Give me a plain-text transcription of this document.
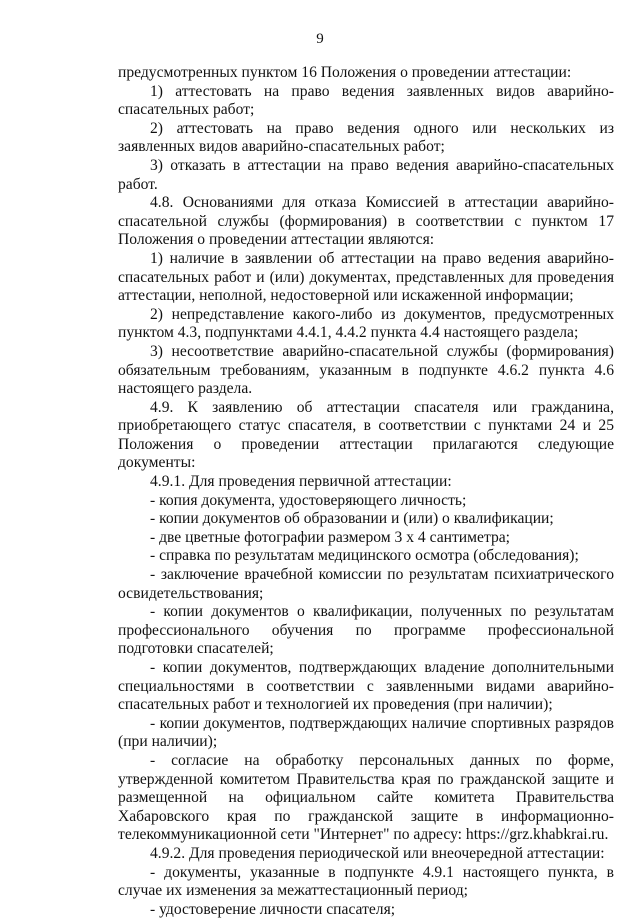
9

предусмотренных пунктом 16 Положения о проведении аттестации:

1) аттестовать на право ведения заявленных видов аварийно-спасательных работ;

2) аттестовать на право ведения одного или нескольких из заявленных видов аварийно-спасательных работ;

3) отказать в аттестации на право ведения аварийно-спасательных работ.

4.8. Основаниями для отказа Комиссией в аттестации аварийно-спасательной службы (формирования) в соответствии с пунктом 17 Положения о проведении аттестации являются:

1) наличие в заявлении об аттестации на право ведения аварийно-спасательных работ и (или) документах, представленных для проведения аттестации, неполной, недостоверной или искаженной информации;

2) непредставление какого-либо из документов, предусмотренных пунктом 4.3, подпунктами 4.4.1, 4.4.2 пункта 4.4 настоящего раздела;

3) несоответствие аварийно-спасательной службы (формирования) обязательным требованиям, указанным в подпункте 4.6.2 пункта 4.6 настоящего раздела.

4.9. К заявлению об аттестации спасателя или гражданина, приобретающего статус спасателя, в соответствии с пунктами 24 и 25 Положения о проведении аттестации прилагаются следующие документы:

4.9.1. Для проведения первичной аттестации:

- копия документа, удостоверяющего личность;

- копии документов об образовании и (или) о квалификации;

- две цветные фотографии размером 3 х 4 сантиметра;

- справка по результатам медицинского осмотра (обследования);

- заключение врачебной комиссии по результатам психиатрического освидетельствования;

- копии документов о квалификации, полученных по результатам профессионального обучения по программе профессиональной подготовки спасателей;

- копии документов, подтверждающих владение дополнительными специальностями в соответствии с заявленными видами аварийно-спасательных работ и технологией их проведения (при наличии);

- копии документов, подтверждающих наличие спортивных разрядов (при наличии);

- согласие на обработку персональных данных по форме, утвержденной комитетом Правительства края по гражданской защите и размещенной на официальном сайте комитета Правительства Хабаровского края по гражданской защите в информационно-телекоммуникационной сети "Интернет" по адресу: https://grz.khabkrai.ru.

4.9.2. Для проведения периодической или внеочередной аттестации:

- документы, указанные в подпункте 4.9.1 настоящего пункта, в случае их изменения за межаттестационный период;

- удостоверение личности спасателя;
